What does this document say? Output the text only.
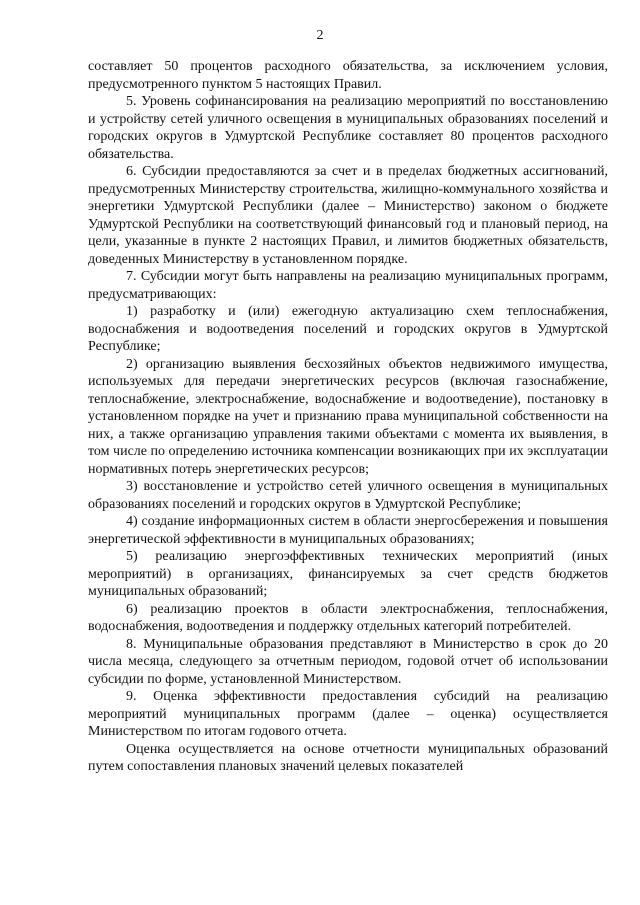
2

составляет 50 процентов расходного обязательства, за исключением условия, предусмотренного пунктом 5 настоящих Правил.

5. Уровень софинансирования на реализацию мероприятий по восстановлению и устройству сетей уличного освещения в муниципальных образованиях поселений и городских округов в Удмуртской Республике составляет 80 процентов расходного обязательства.

6. Субсидии предоставляются за счет и в пределах бюджетных ассигнований, предусмотренных Министерству строительства, жилищно-коммунального хозяйства и энергетики Удмуртской Республики (далее – Министерство) законом о бюджете Удмуртской Республики на соответствующий финансовый год и плановый период, на цели, указанные в пункте 2 настоящих Правил, и лимитов бюджетных обязательств, доведенных Министерству в установленном порядке.

7. Субсидии могут быть направлены на реализацию муниципальных программ, предусматривающих:

1) разработку и (или) ежегодную актуализацию схем теплоснабжения, водоснабжения и водоотведения поселений и городских округов в Удмуртской Республике;

2) организацию выявления бесхозяйных объектов недвижимого имущества, используемых для передачи энергетических ресурсов (включая газоснабжение, теплоснабжение, электроснабжение, водоснабжение и водоотведение), постановку в установленном порядке на учет и признанию права муниципальной собственности на них, а также организацию управления такими объектами с момента их выявления, в том числе по определению источника компенсации возникающих при их эксплуатации нормативных потерь энергетических ресурсов;

3) восстановление и устройство сетей уличного освещения в муниципальных образованиях поселений и городских округов в Удмуртской Республике;

4) создание информационных систем в области энергосбережения и повышения энергетической эффективности в муниципальных образованиях;

5) реализацию энергоэффективных технических мероприятий (иных мероприятий) в организациях, финансируемых за счет средств бюджетов муниципальных образований;

6) реализацию проектов в области электроснабжения, теплоснабжения, водоснабжения, водоотведения и поддержку отдельных категорий потребителей.

8. Муниципальные образования представляют в Министерство в срок до 20 числа месяца, следующего за отчетным периодом, годовой отчет об использовании субсидии по форме, установленной Министерством.

9. Оценка эффективности предоставления субсидий на реализацию мероприятий муниципальных программ (далее – оценка) осуществляется Министерством по итогам годового отчета.

Оценка осуществляется на основе отчетности муниципальных образований путем сопоставления плановых значений целевых показателей
